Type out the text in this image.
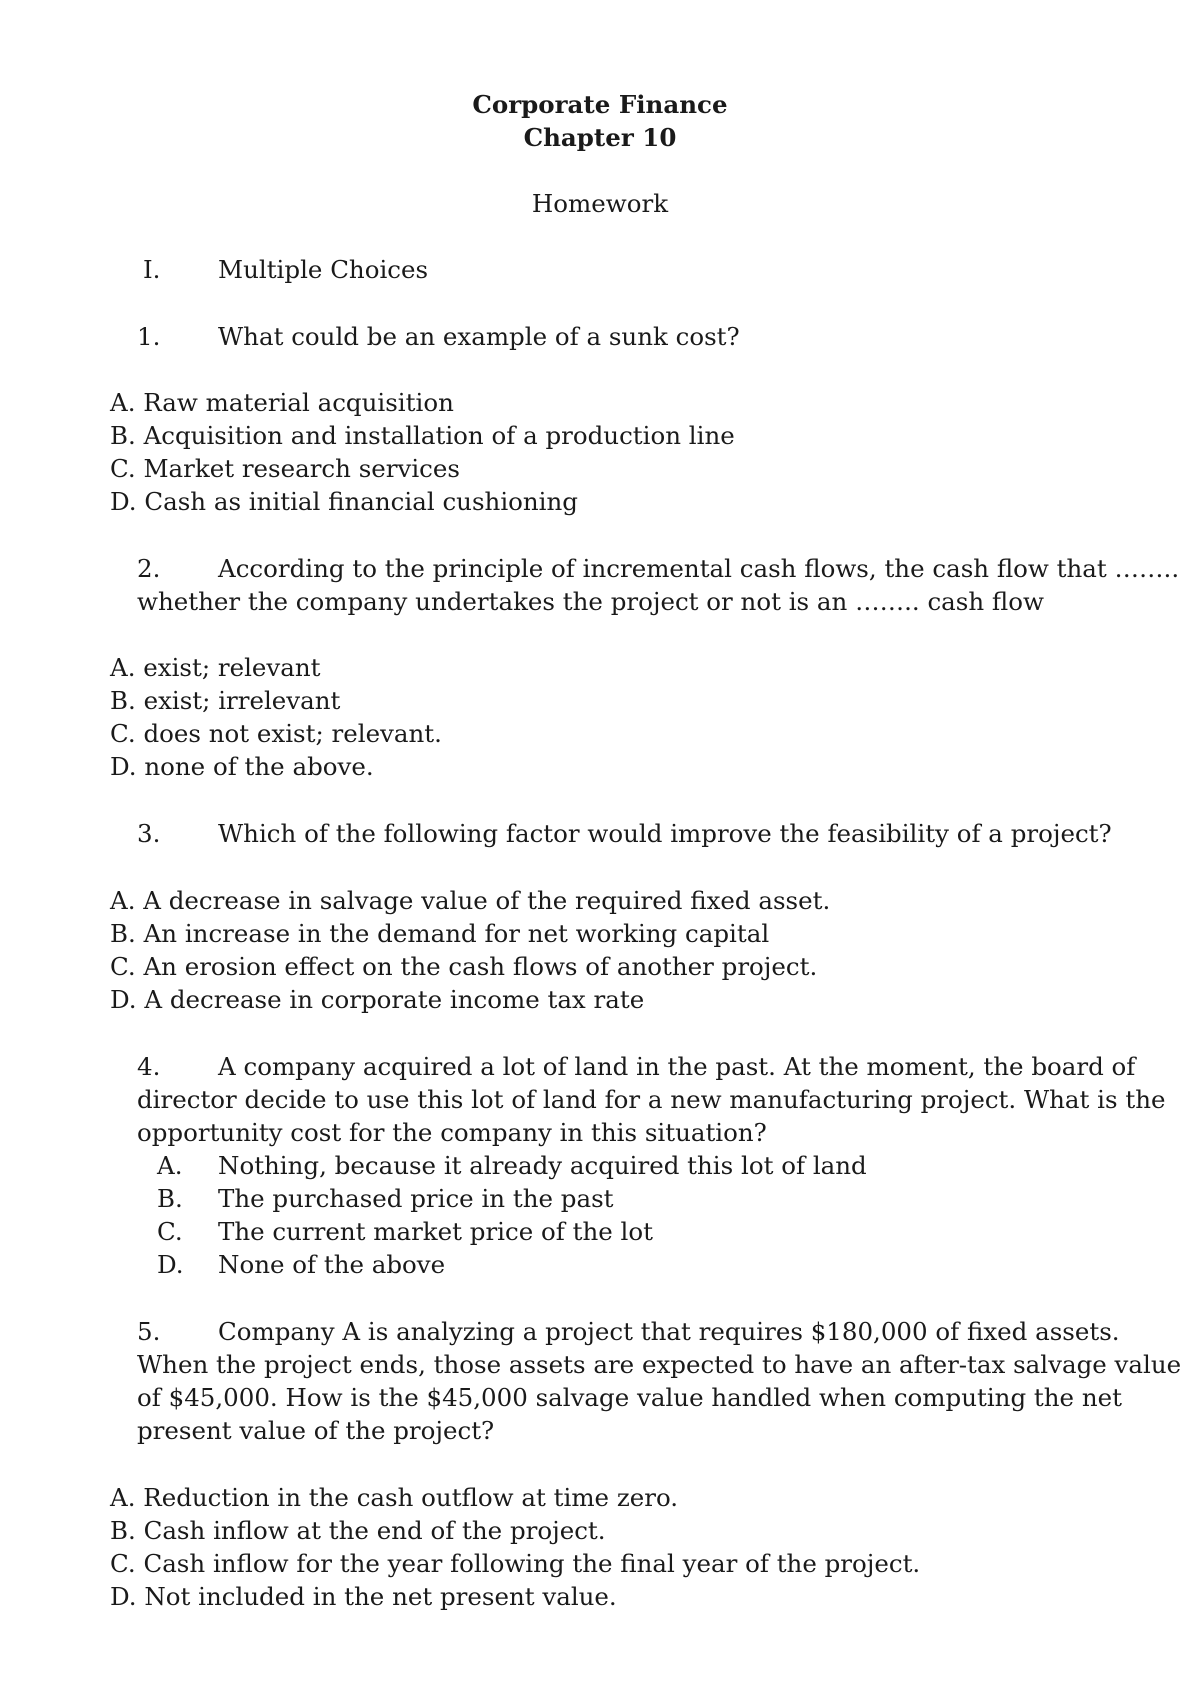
Corporate Finance
Chapter 10
Homework
I. Multiple Choices
1. What could be an example of a sunk cost?
A. Raw material acquisition
B. Acquisition and installation of a production line
C. Market research services
D. Cash as initial financial cushioning
2. According to the principle of incremental cash flows, the cash flow that ……..
whether the company undertakes the project or not is an …….. cash flow
A. exist; relevant
B. exist; irrelevant
C. does not exist; relevant.
D. none of the above.
3. Which of the following factor would improve the feasibility of a project?
A. A decrease in salvage value of the required fixed asset.
B. An increase in the demand for net working capital
C. An erosion effect on the cash flows of another project.
D. A decrease in corporate income tax rate
4. A company acquired a lot of land in the past. At the moment, the board of
director decide to use this lot of land for a new manufacturing project. What is the
opportunity cost for the company in this situation?
A. Nothing, because it already acquired this lot of land
B. The purchased price in the past
C. The current market price of the lot
D. None of the above
5. Company A is analyzing a project that requires $180,000 of fixed assets.
When the project ends, those assets are expected to have an after-tax salvage value
of $45,000. How is the $45,000 salvage value handled when computing the net
present value of the project?
A. Reduction in the cash outflow at time zero.
B. Cash inflow at the end of the project.
C. Cash inflow for the year following the final year of the project.
D. Not included in the net present value.
